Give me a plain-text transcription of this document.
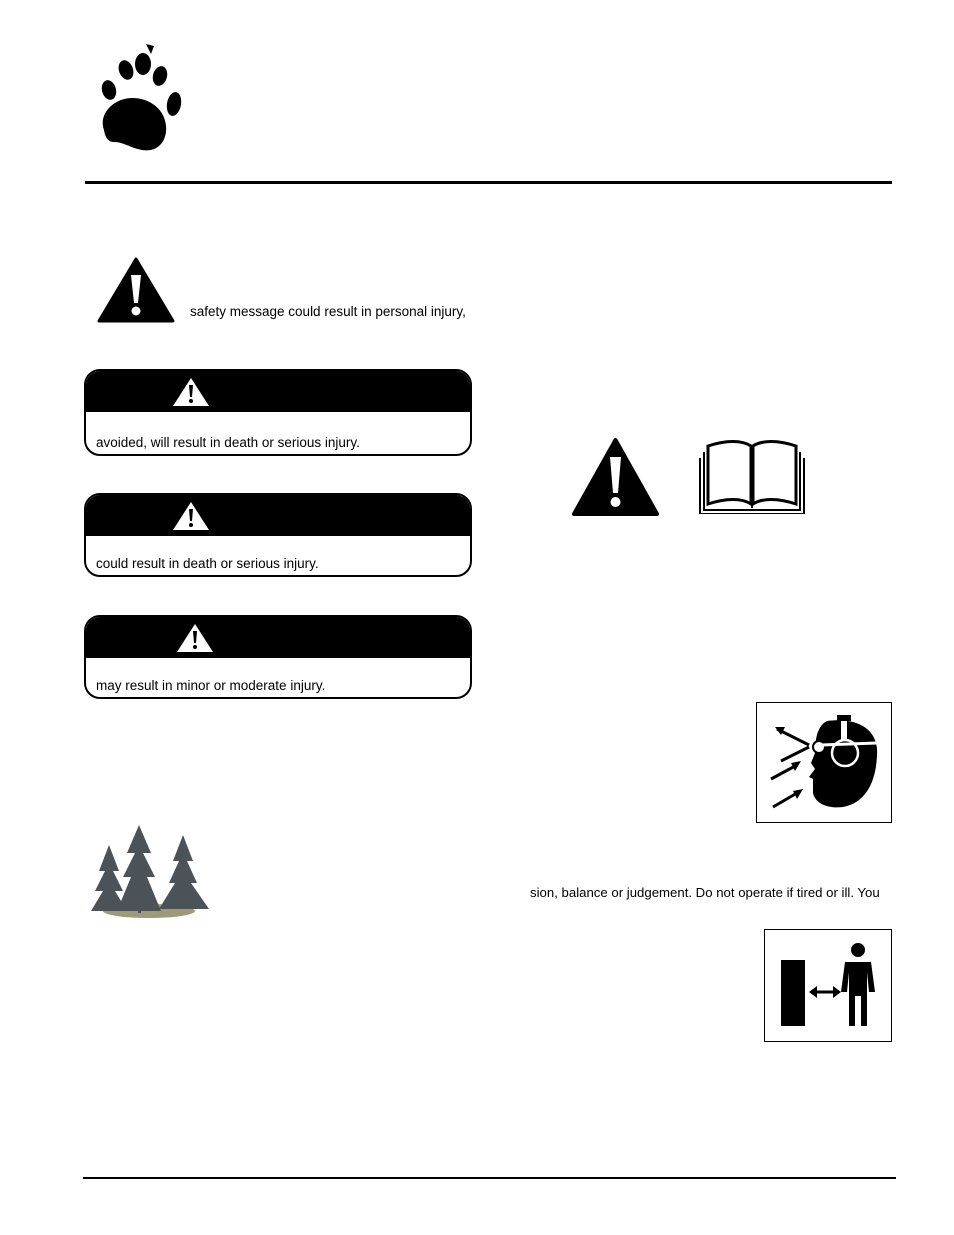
safety message could result in personal injury,
avoided, will result in death or serious injury.
could result in death or serious injury.
may result in minor or moderate injury.
sion, balance or judgement. Do not operate if tired or ill. You
